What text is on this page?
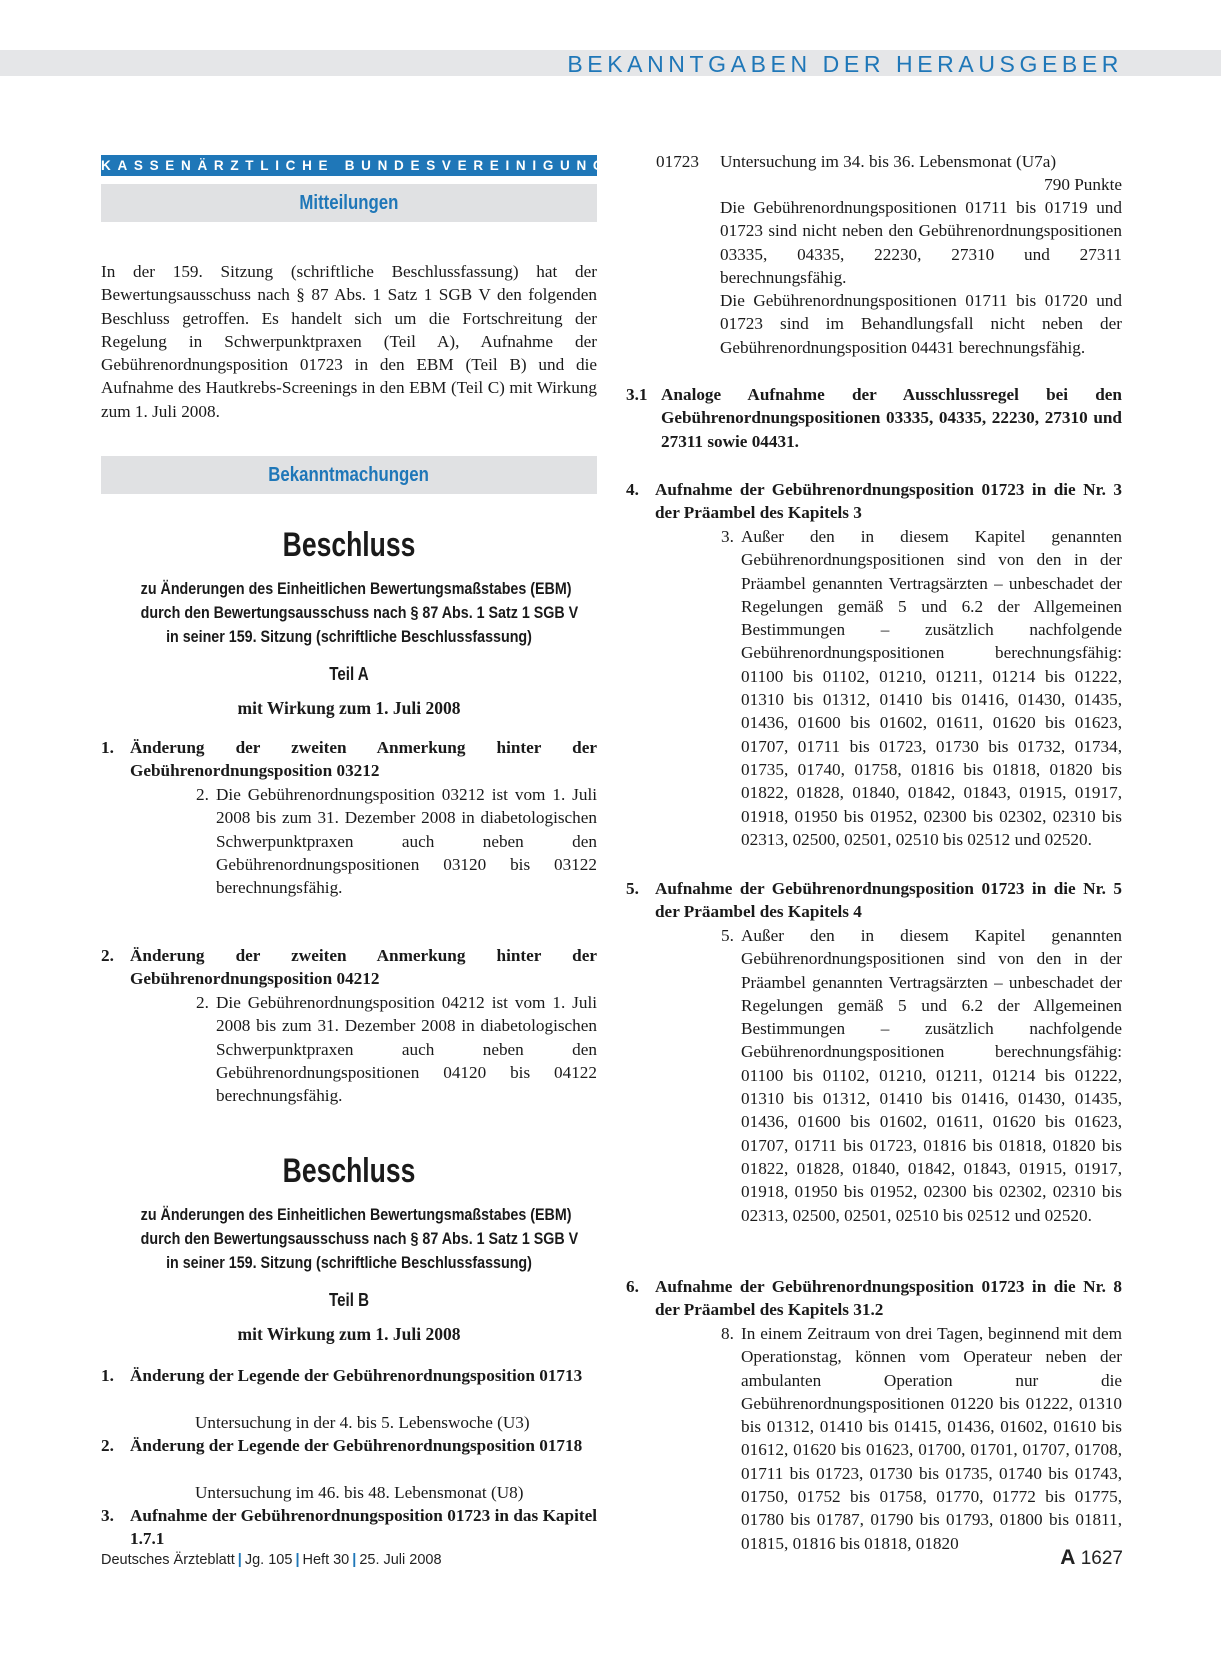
BEKANNTGABEN DER HERAUSGEBER
KASSENÄRZTLICHE BUNDESVEREINIGUNG
Mitteilungen
In der 159. Sitzung (schriftliche Beschlussfassung) hat der Bewertungsausschuss nach § 87 Abs. 1 Satz 1 SGB V den folgenden Beschluss getroffen. Es handelt sich um die Fortschreitung der Regelung in Schwerpunktpraxen (Teil A), Aufnahme der Gebührenordnungsposition 01723 in den EBM (Teil B) und die Aufnahme des Hautkrebs-Screenings in den EBM (Teil C) mit Wirkung zum 1. Juli 2008.
Bekanntmachungen
Beschluss
zu Änderungen des Einheitlichen Bewertungsmaßstabes (EBM)
durch den Bewertungsausschuss nach § 87 Abs. 1 Satz 1 SGB V
in seiner 159. Sitzung (schriftliche Beschlussfassung)
Teil A
mit Wirkung zum 1. Juli 2008
1. Änderung der zweiten Anmerkung hinter der Gebührenordnungsposition 03212
2. Die Gebührenordnungsposition 03212 ist vom 1. Juli 2008 bis zum 31. Dezember 2008 in diabetologischen Schwerpunktpraxen auch neben den Gebührenordnungspositionen 03120 bis 03122 berechnungsfähig.
2. Änderung der zweiten Anmerkung hinter der Gebührenordnungsposition 04212
2. Die Gebührenordnungsposition 04212 ist vom 1. Juli 2008 bis zum 31. Dezember 2008 in diabetologischen Schwerpunktpraxen auch neben den Gebührenordnungspositionen 04120 bis 04122 berechnungsfähig.
Beschluss
zu Änderungen des Einheitlichen Bewertungsmaßstabes (EBM)
durch den Bewertungsausschuss nach § 87 Abs. 1 Satz 1 SGB V
in seiner 159. Sitzung (schriftliche Beschlussfassung)
Teil B
mit Wirkung zum 1. Juli 2008
1. Änderung der Legende der Gebührenordnungsposition 01713
Untersuchung in der 4. bis 5. Lebenswoche (U3)
2. Änderung der Legende der Gebührenordnungsposition 01718
Untersuchung im 46. bis 48. Lebensmonat (U8)
3. Aufnahme der Gebührenordnungsposition 01723 in das Kapitel 1.7.1
01723 Untersuchung im 34. bis 36. Lebensmonat (U7a)
790 Punkte
Die Gebührenordnungspositionen 01711 bis 01719 und 01723 sind nicht neben den Gebührenordnungspositionen 03335, 04335, 22230, 27310 und 27311 berechnungsfähig.
Die Gebührenordnungspositionen 01711 bis 01720 und 01723 sind im Behandlungsfall nicht neben der Gebührenordnungsposition 04431 berechnungsfähig.
3.1 Analoge Aufnahme der Ausschlussregel bei den Gebührenordnungspositionen 03335, 04335, 22230, 27310 und 27311 sowie 04431.
4. Aufnahme der Gebührenordnungsposition 01723 in die Nr. 3 der Präambel des Kapitels 3
3. Außer den in diesem Kapitel genannten Gebührenordnungspositionen sind von den in der Präambel genannten Vertragsärzten – unbeschadet der Regelungen gemäß 5 und 6.2 der Allgemeinen Bestimmungen – zusätzlich nachfolgende Gebührenordnungspositionen berechnungsfähig: 01100 bis 01102, 01210, 01211, 01214 bis 01222, 01310 bis 01312, 01410 bis 01416, 01430, 01435, 01436, 01600 bis 01602, 01611, 01620 bis 01623, 01707, 01711 bis 01723, 01730 bis 01732, 01734, 01735, 01740, 01758, 01816 bis 01818, 01820 bis 01822, 01828, 01840, 01842, 01843, 01915, 01917, 01918, 01950 bis 01952, 02300 bis 02302, 02310 bis 02313, 02500, 02501, 02510 bis 02512 und 02520.
5. Aufnahme der Gebührenordnungsposition 01723 in die Nr. 5 der Präambel des Kapitels 4
5. Außer den in diesem Kapitel genannten Gebührenordnungspositionen sind von den in der Präambel genannten Vertragsärzten – unbeschadet der Regelungen gemäß 5 und 6.2 der Allgemeinen Bestimmungen – zusätzlich nachfolgende Gebührenordnungspositionen berechnungsfähig: 01100 bis 01102, 01210, 01211, 01214 bis 01222, 01310 bis 01312, 01410 bis 01416, 01430, 01435, 01436, 01600 bis 01602, 01611, 01620 bis 01623, 01707, 01711 bis 01723, 01816 bis 01818, 01820 bis 01822, 01828, 01840, 01842, 01843, 01915, 01917, 01918, 01950 bis 01952, 02300 bis 02302, 02310 bis 02313, 02500, 02501, 02510 bis 02512 und 02520.
6. Aufnahme der Gebührenordnungsposition 01723 in die Nr. 8 der Präambel des Kapitels 31.2
8. In einem Zeitraum von drei Tagen, beginnend mit dem Operationstag, können vom Operateur neben der ambulanten Operation nur die Gebührenordnungspositionen 01220 bis 01222, 01310 bis 01312, 01410 bis 01415, 01436, 01602, 01610 bis 01612, 01620 bis 01623, 01700, 01701, 01707, 01708, 01711 bis 01723, 01730 bis 01735, 01740 bis 01743, 01750, 01752 bis 01758, 01770, 01772 bis 01775, 01780 bis 01787, 01790 bis 01793, 01800 bis 01811, 01815, 01816 bis 01818, 01820
Deutsches Ärzteblatt | Jg. 105 | Heft 30 | 25. Juli 2008	A 1627
